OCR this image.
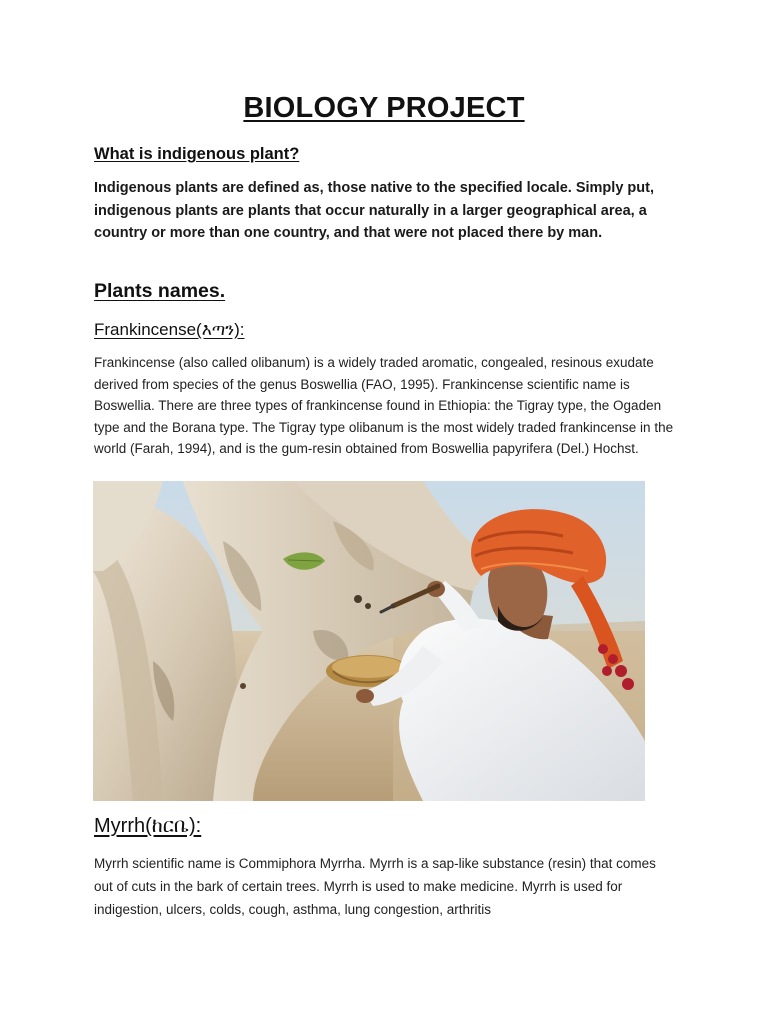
BIOLOGY PROJECT
What is indigenous plant?
Indigenous plants are defined as, those native to the specified locale. Simply put, indigenous plants are plants that occur naturally in a larger geographical area, a country or more than one country, and that were not placed there by man.
Plants names.
Frankincense(እጣን):
Frankincense (also called olibanum) is a widely traded aromatic, congealed, resinous exudate derived from species of the genus Boswellia (FAO, 1995). Frankincense scientific name is Boswellia. There are three types of frankincense found in Ethiopia: the Tigray type, the Ogaden type and the Borana type. The Tigray type olibanum is the most widely traded frankincense in the world (Farah, 1994), and is the gum-resin obtained from Boswellia papyrifera (Del.) Hochst.
Myrrh(ከርቤ):
Myrrh scientific name is Commiphora Myrrha. Myrrh is a sap-like substance (resin) that comes out of cuts in the bark of certain trees. Myrrh is used to make medicine. Myrrh is used for indigestion, ulcers, colds, cough, asthma, lung congestion, arthritis
